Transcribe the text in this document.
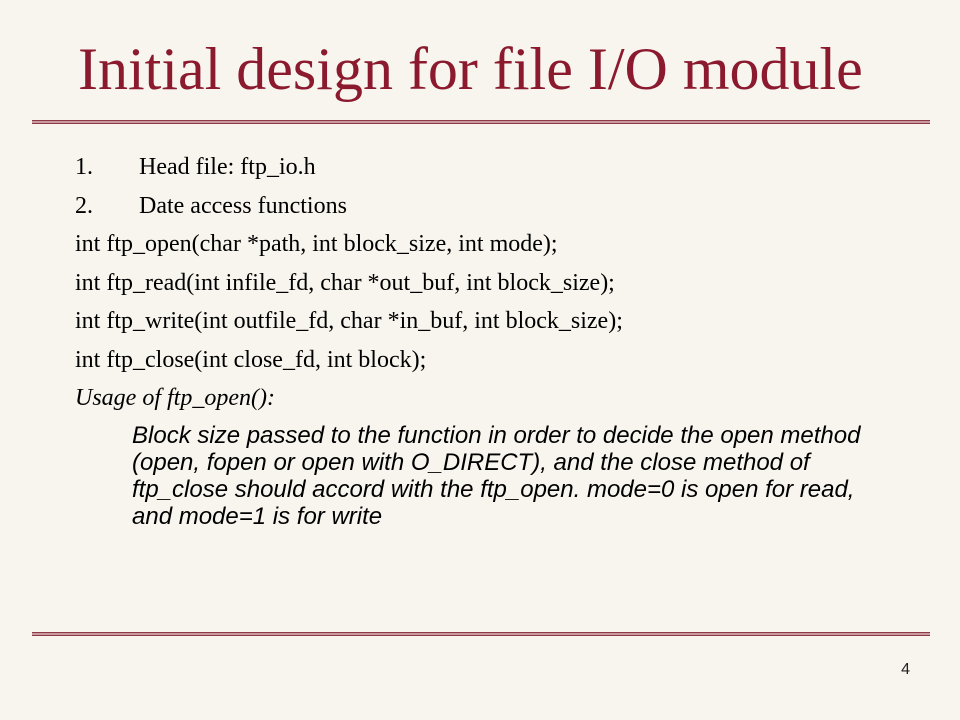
Initial design for file I/O module
1.	Head file: ftp_io.h
2.	Date access functions
int ftp_open(char *path, int block_size, int mode);
int ftp_read(int infile_fd, char *out_buf, int block_size);
int ftp_write(int outfile_fd, char *in_buf, int block_size);
int ftp_close(int close_fd, int block);
Usage of ftp_open():
Block size passed to the function in order to decide the open method (open, fopen or open with O_DIRECT), and the close method of ftp_close should accord with the ftp_open. mode=0 is open for read, and mode=1 is for write
4
